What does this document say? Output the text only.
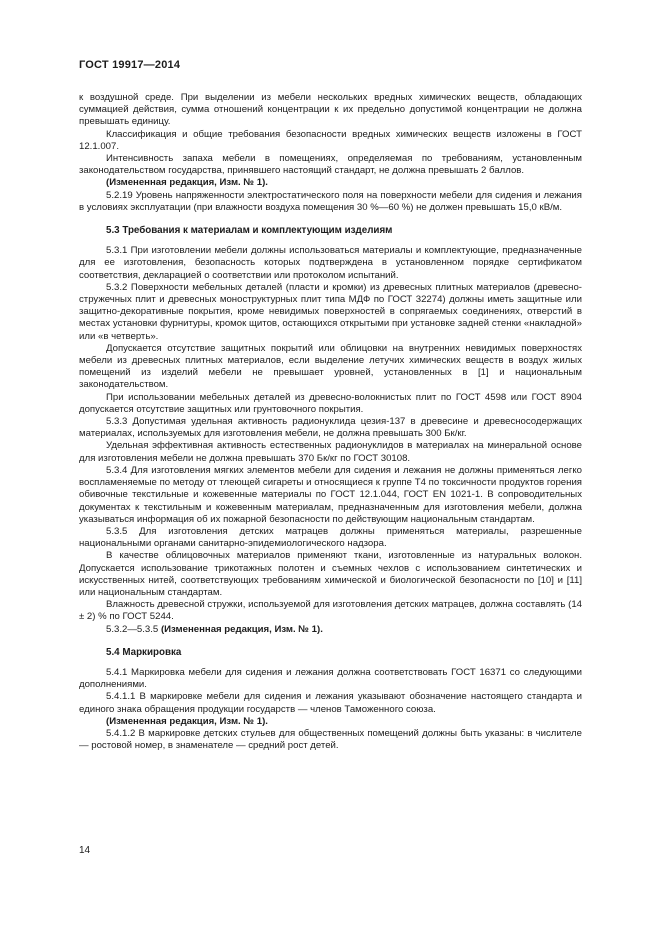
ГОСТ 19917—2014

к воздушной среде. При выделении из мебели нескольких вредных химических веществ, обладающих суммацией действия, сумма отношений концентрации к их предельно допустимой концентрации не должна превышать единицу.

Классификация и общие требования безопасности вредных химических веществ изложены в ГОСТ 12.1.007.

Интенсивность запаха мебели в помещениях, определяемая по требованиям, установленным законодательством государства, принявшего настоящий стандарт, не должна превышать 2 баллов.

(Измененная редакция, Изм. № 1).

5.2.19 Уровень напряженности электростатического поля на поверхности мебели для сидения и лежания в условиях эксплуатации (при влажности воздуха помещения 30 %—60 %) не должен превышать 15,0 кВ/м.

5.3 Требования к материалам и комплектующим изделиям

5.3.1 При изготовлении мебели должны использоваться материалы и комплектующие, предназначенные для ее изготовления, безопасность которых подтверждена в установленном порядке сертификатом соответствия, декларацией о соответствии или протоколом испытаний.

5.3.2 Поверхности мебельных деталей (пласти и кромки) из древесных плитных материалов (древесно-стружечных плит и древесных моноструктурных плит типа МДФ по ГОСТ 32274) должны иметь защитные или защитно-декоративные покрытия, кроме невидимых поверхностей в сопрягаемых соединениях, отверстий в местах установки фурнитуры, кромок щитов, остающихся открытыми при установке задней стенки «накладной» или «в четверть».

Допускается отсутствие защитных покрытий или облицовки на внутренних невидимых поверхностях мебели из древесных плитных материалов, если выделение летучих химических веществ в воздух жилых помещений из изделий мебели не превышает уровней, установленных в [1] и национальным законодательством.

При использовании мебельных деталей из древесно-волокнистых плит по ГОСТ 4598 или ГОСТ 8904 допускается отсутствие защитных или грунтовочного покрытия.

5.3.3 Допустимая удельная активность радионуклида цезия-137 в древесине и древесносодержащих материалах, используемых для изготовления мебели, не должна превышать 300 Бк/кг.

Удельная эффективная активность естественных радионуклидов в материалах на минеральной основе для изготовления мебели не должна превышать 370 Бк/кг по ГОСТ 30108.

5.3.4 Для изготовления мягких элементов мебели для сидения и лежания не должны применяться легко воспламеняемые по методу от тлеющей сигареты и относящиеся к группе Т4 по токсичности продуктов горения обивочные текстильные и кожевенные материалы по ГОСТ 12.1.044, ГОСТ EN 1021-1. В сопроводительных документах к текстильным и кожевенным материалам, предназначенным для изготовления мебели, должна указываться информация об их пожарной безопасности по действующим национальным стандартам.

5.3.5 Для изготовления детских матрацев должны применяться материалы, разрешенные национальными органами санитарно-эпидемиологического надзора.

В качестве облицовочных материалов применяют ткани, изготовленные из натуральных волокон. Допускается использование трикотажных полотен и съемных чехлов с использованием синтетических и искусственных нитей, соответствующих требованиям химической и биологической безопасности по [10] и [11] или национальным стандартам.

Влажность древесной стружки, используемой для изготовления детских матрацев, должна составлять (14 ± 2) % по ГОСТ 5244.

5.3.2—5.3.5 (Измененная редакция, Изм. № 1).

5.4 Маркировка

5.4.1 Маркировка мебели для сидения и лежания должна соответствовать ГОСТ 16371 со следующими дополнениями.

5.4.1.1 В маркировке мебели для сидения и лежания указывают обозначение настоящего стандарта и единого знака обращения продукции государств — членов Таможенного союза.

(Измененная редакция, Изм. № 1).

5.4.1.2 В маркировке детских стульев для общественных помещений должны быть указаны: в числителе — ростовой номер, в знаменателе — средний рост детей.

14
